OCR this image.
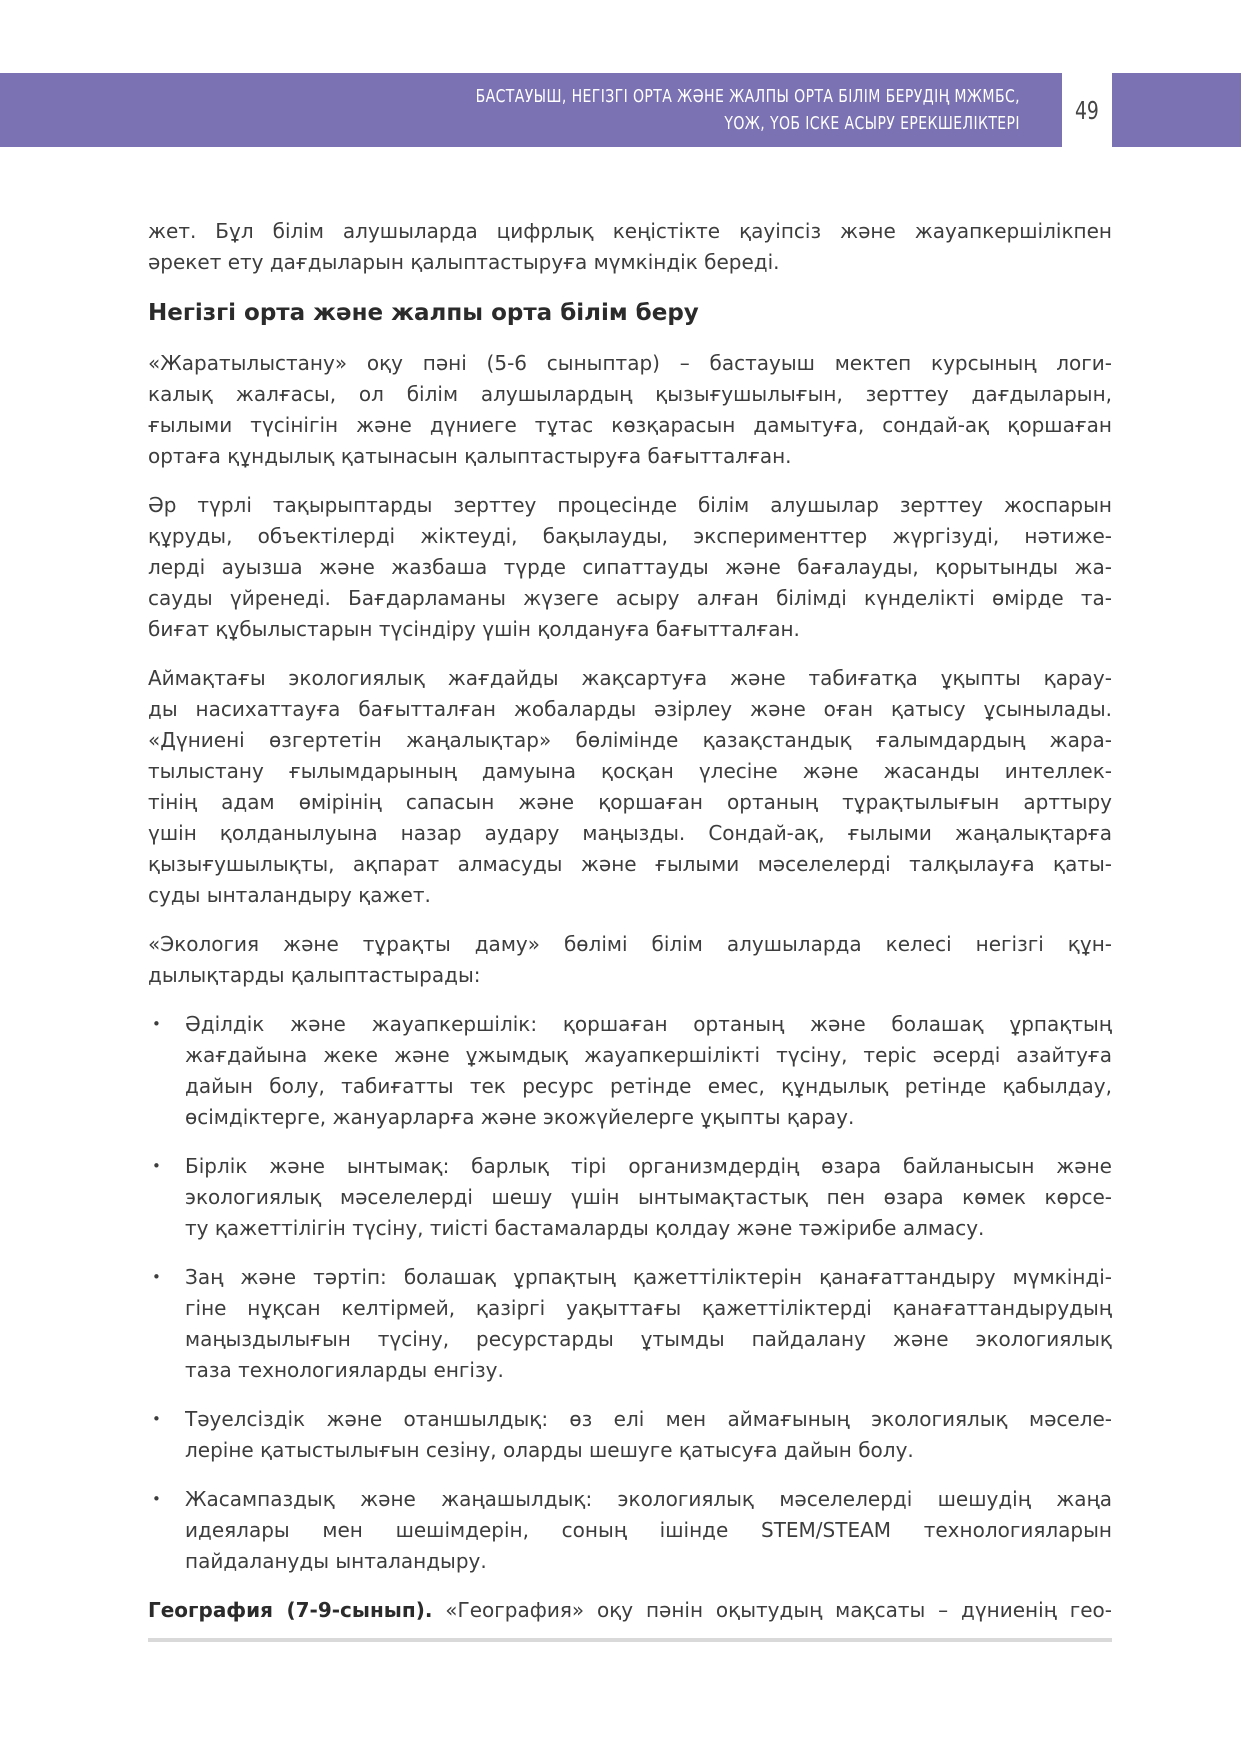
БАСТАУЫШ, НЕГІЗГІ ОРТА ЖӘНЕ ЖАЛПЫ ОРТА БІЛІМ БЕРУДІҢ МЖМБС,
ҮОЖ, ҮОБ ІСКЕ АСЫРУ ЕРЕКШЕЛІКТЕРІ 49
жет. Бұл білім алушыларда цифрлық кеңістікте қауіпсіз және жауапкершілікпен
әрекет ету дағдыларын қалыптастыруға мүмкіндік береді.
Негізгі орта және жалпы орта білім беру
«Жаратылыстану» оқу пәні (5-6 сыныптар) – бастауыш мектеп курсының логи-
калық жалғасы, ол білім алушылардың қызығушылығын, зерттеу дағдыларын,
ғылыми түсінігін және дүниеге тұтас көзқарасын дамытуға, сондай-ақ қоршаған
ортаға құндылық қатынасын қалыптастыруға бағытталған.
Әр түрлі тақырыптарды зерттеу процесінде білім алушылар зерттеу жоспарын
құруды, объектілерді жіктеуді, бақылауды, эксперименттер жүргізуді, нәтиже-
лерді ауызша және жазбаша түрде сипаттауды және бағалауды, қорытынды жа-
сауды үйренеді. Бағдарламаны жүзеге асыру алған білімді күнделікті өмірде та-
биғат құбылыстарын түсіндіру үшін қолдануға бағытталған.
Аймақтағы экологиялық жағдайды жақсартуға және табиғатқа ұқыпты қарау-
ды насихаттауға бағытталған жобаларды әзірлеу және оған қатысу ұсынылады.
«Дүниені өзгертетін жаңалықтар» бөлімінде қазақстандық ғалымдардың жара-
тылыстану ғылымдарының дамуына қосқан үлесіне және жасанды интеллек-
тінің адам өмірінің сапасын және қоршаған ортаның тұрақтылығын арттыру
үшін қолданылуына назар аудару маңызды. Сондай-ақ, ғылыми жаңалықтарға
қызығушылықты, ақпарат алмасуды және ғылыми мәселелерді талқылауға қаты-
суды ынталандыру қажет.
«Экология және тұрақты даму» бөлімі білім алушыларда келесі негізгі құн-
дылықтарды қалыптастырады:
• Әділдік және жауапкершілік: қоршаған ортаның және болашақ ұрпақтың
жағдайына жеке және ұжымдық жауапкершілікті түсіну, теріс әсерді азайтуға
дайын болу, табиғатты тек ресурс ретінде емес, құндылық ретінде қабылдау,
өсімдіктерге, жануарларға және экожүйелерге ұқыпты қарау.
• Бірлік және ынтымақ: барлық тірі организмдердің өзара байланысын және
экологиялық мәселелерді шешу үшін ынтымақтастық пен өзара көмек көрсе-
ту қажеттілігін түсіну, тиісті бастамаларды қолдау және тәжірибе алмасу.
• Заң және тәртіп: болашақ ұрпақтың қажеттіліктерін қанағаттандыру мүмкінді-
гіне нұқсан келтірмей, қазіргі уақыттағы қажеттіліктерді қанағаттандырудың
маңыздылығын түсіну, ресурстарды ұтымды пайдалану және экологиялық
таза технологияларды енгізу.
• Тәуелсіздік және отаншылдық: өз елі мен аймағының экологиялық мәселе-
леріне қатыстылығын сезіну, оларды шешуге қатысуға дайын болу.
• Жасампаздық және жаңашылдық: экологиялық мәселелерді шешудің жаңа
идеялары мен шешімдерін, соның ішінде STEM/STEAM технологияларын
пайдалануды ынталандыру.
География (7-9-сынып). «География» оқу пәнін оқытудың мақсаты – дүниенің гео-
